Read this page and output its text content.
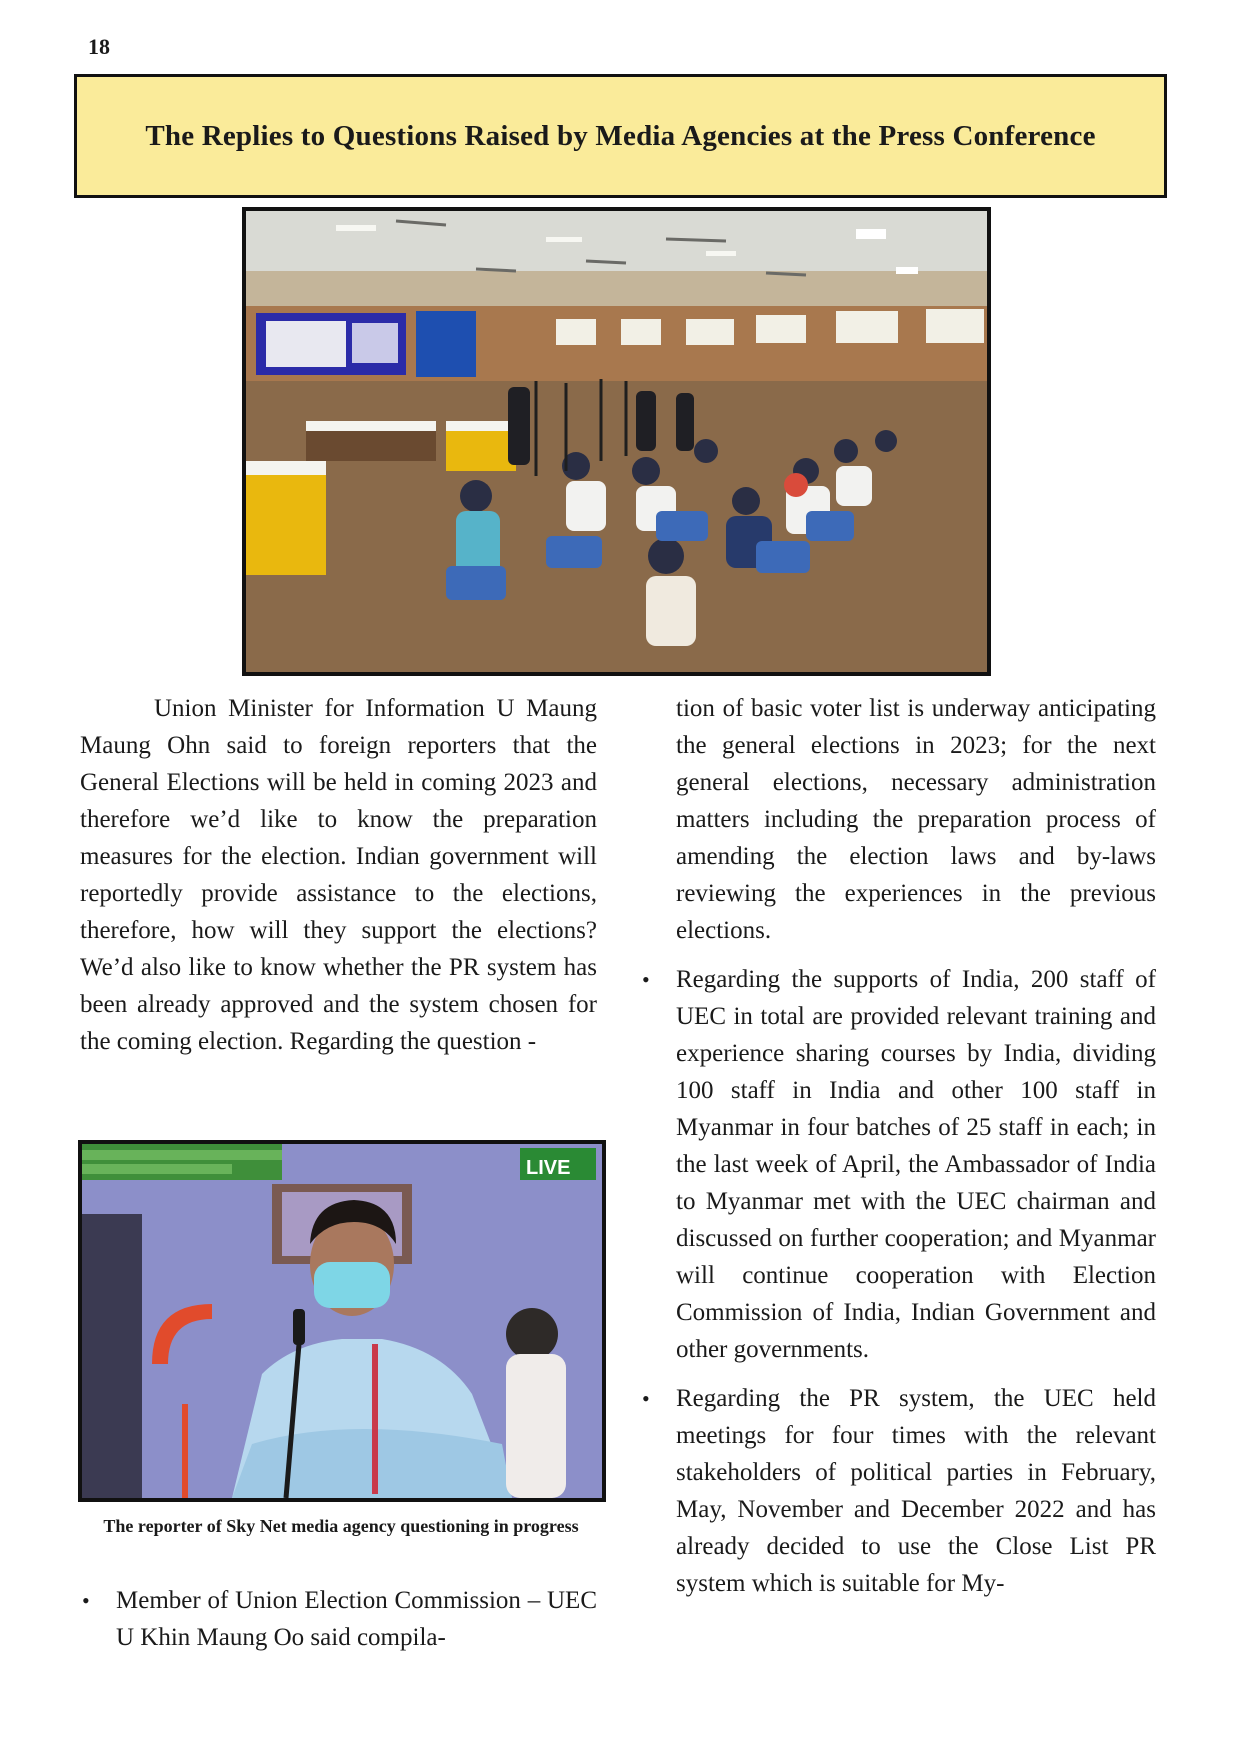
18
The Replies to Questions Raised by Media Agencies at the Press Conference

Union Minister for Information U Maung Maung Ohn said to foreign reporters that the General Elections will be held in coming 2023 and therefore we’d like to know the preparation measures for the election. Indian government will reportedly provide assistance to the elections, therefore, how will they support the elections? We’d also like to know whether the PR system has been already approved and the system chosen for the coming election. Regarding the question -

LIVE
The reporter of Sky Net media agency questioning in progress
• Member of Union Election Commission – UEC U Khin Maung Oo said compila-

tion of basic voter list is underway anticipating the general elections in 2023; for the next general elections, necessary administration matters including the preparation process of amending the election laws and by-laws reviewing the experiences in the previous elections.

• Regarding the supports of India, 200 staff of UEC in total are provided relevant training and experience sharing courses by India, dividing 100 staff in India and other 100 staff in Myanmar in four batches of 25 staff in each; in the last week of April, the Ambassador of India to Myanmar met with the UEC chairman and discussed on further cooperation; and Myanmar will continue cooperation with Election Commission of India, Indian Government and other governments.
• Regarding the PR system, the UEC held meetings for four times with the relevant stakeholders of political parties in February, May, November and December 2022 and has already decided to use the Close List PR system which is suitable for My-
